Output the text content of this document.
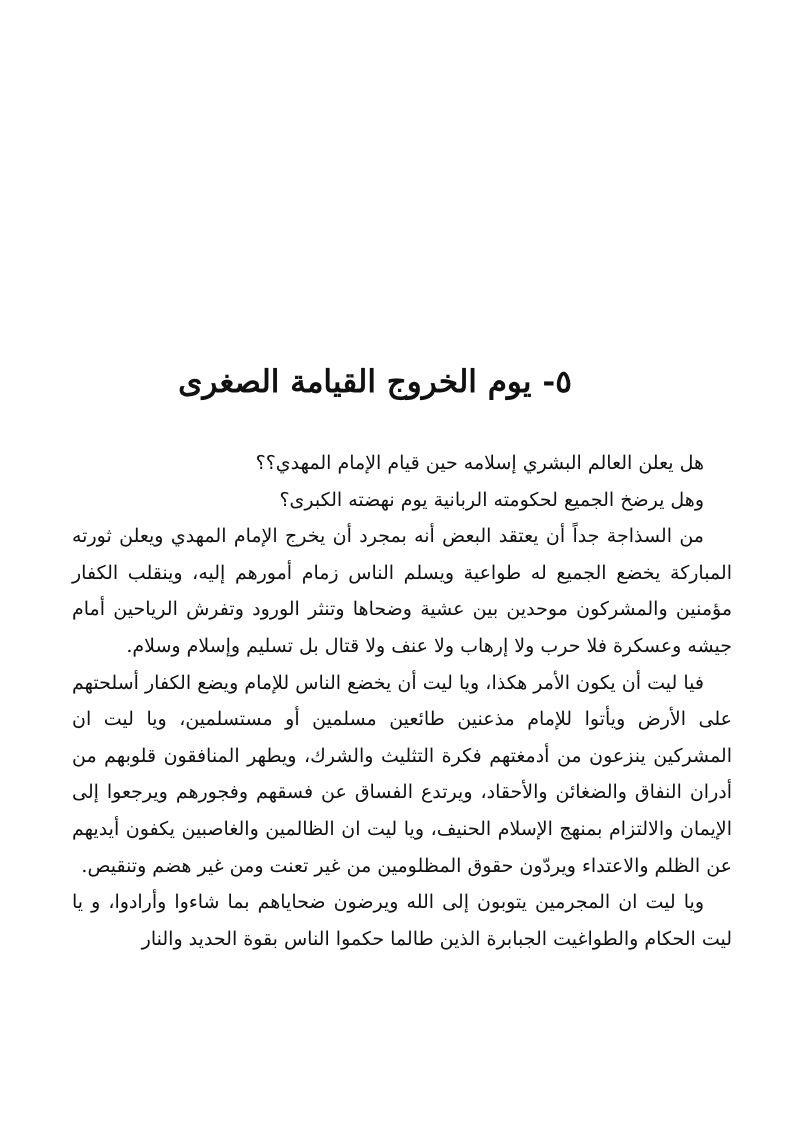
٥- يوم الخروج القيامة الصغرى

هل يعلن العالم البشري إسلامه حين قيام الإمام المهدي؟؟

وهل يرضخ الجميع لحكومته الربانية يوم نهضته الكبرى؟

من السذاجة جداً أن يعتقد البعض أنه بمجرد أن يخرج الإمام المهدي ويعلن ثورته المباركة يخضع الجميع له طواعية ويسلم الناس زمام أمورهم إليه، وينقلب الكفار مؤمنين والمشركون موحدين بين عشية وضحاها وتنثر الورود وتفرش الرياحين أمام جيشه وعسكرة فلا حرب ولا إرهاب ولا عنف ولا قتال بل تسليم وإسلام وسلام.

فيا ليت أن يكون الأمر هكذا، ويا ليت أن يخضع الناس للإمام ويضع الكفار أسلحتهم على الأرض ويأتوا للإمام مذعنين طائعين مسلمين أو مستسلمين، ويا ليت ان المشركين ينزعون من أدمغتهم فكرة التثليث والشرك، ويطهر المنافقون قلوبهم من أدران النفاق والضغائن والأحقاد، ويرتدع الفساق عن فسقهم وفجورهم ويرجعوا إلى الإيمان والالتزام بمنهج الإسلام الحنيف، ويا ليت ان الظالمين والغاصبين يكفون أيديهم عن الظلم والاعتداء ويردّون حقوق المظلومين من غير تعنت ومن غير هضم وتنقيص.

ويا ليت ان المجرمين يتوبون إلى الله ويرضون ضحاياهم بما شاءوا وأرادوا، و يا ليت الحكام والطواغيت الجبابرة الذين طالما حكموا الناس بقوة الحديد والنار
